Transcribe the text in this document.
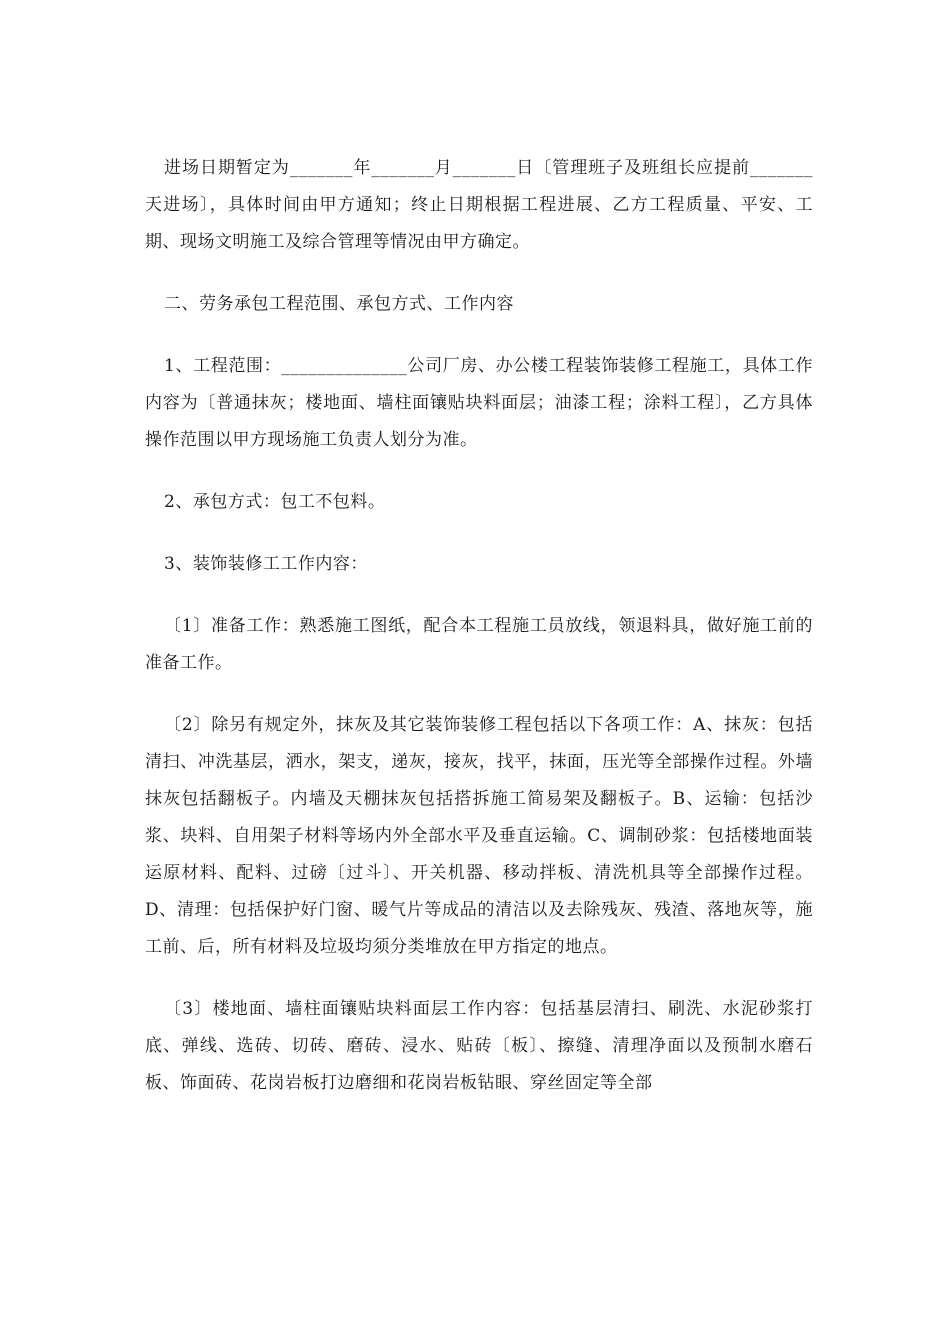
进场日期暂定为_______年_______月_______日〔管理班子及班组长应提前_______天进场〕，具体时间由甲方通知；终止日期根据工程进展、乙方工程质量、平安、工期、现场文明施工及综合管理等情况由甲方确定。

二、劳务承包工程范围、承包方式、工作内容

1、工程范围：______________公司厂房、办公楼工程装饰装修工程施工，具体工作内容为〔普通抹灰；楼地面、墙柱面镶贴块料面层；油漆工程；涂料工程〕，乙方具体操作范围以甲方现场施工负责人划分为准。

2、承包方式：包工不包料。

3、装饰装修工工作内容：

〔1〕准备工作：熟悉施工图纸，配合本工程施工员放线，领退料具，做好施工前的准备工作。

〔2〕除另有规定外，抹灰及其它装饰装修工程包括以下各项工作：A、抹灰：包括清扫、冲洗基层，洒水，架支，递灰，接灰，找平，抹面，压光等全部操作过程。外墙抹灰包括翻板子。内墙及天棚抹灰包括搭拆施工简易架及翻板子。B、运输：包括沙浆、块料、自用架子材料等场内外全部水平及垂直运输。C、调制砂浆：包括楼地面装运原材料、配料、过磅〔过斗〕、开关机器、移动拌板、清洗机具等全部操作过程。D、清理：包括保护好门窗、暖气片等成品的清洁以及去除残灰、残渣、落地灰等，施工前、后，所有材料及垃圾均须分类堆放在甲方指定的地点。

〔3〕楼地面、墙柱面镶贴块料面层工作内容：包括基层清扫、刷洗、水泥砂浆打底、弹线、选砖、切砖、磨砖、浸水、贴砖〔板〕、擦缝、清理净面以及预制水磨石板、饰面砖、花岗岩板打边磨细和花岗岩板钻眼、穿丝固定等全部
